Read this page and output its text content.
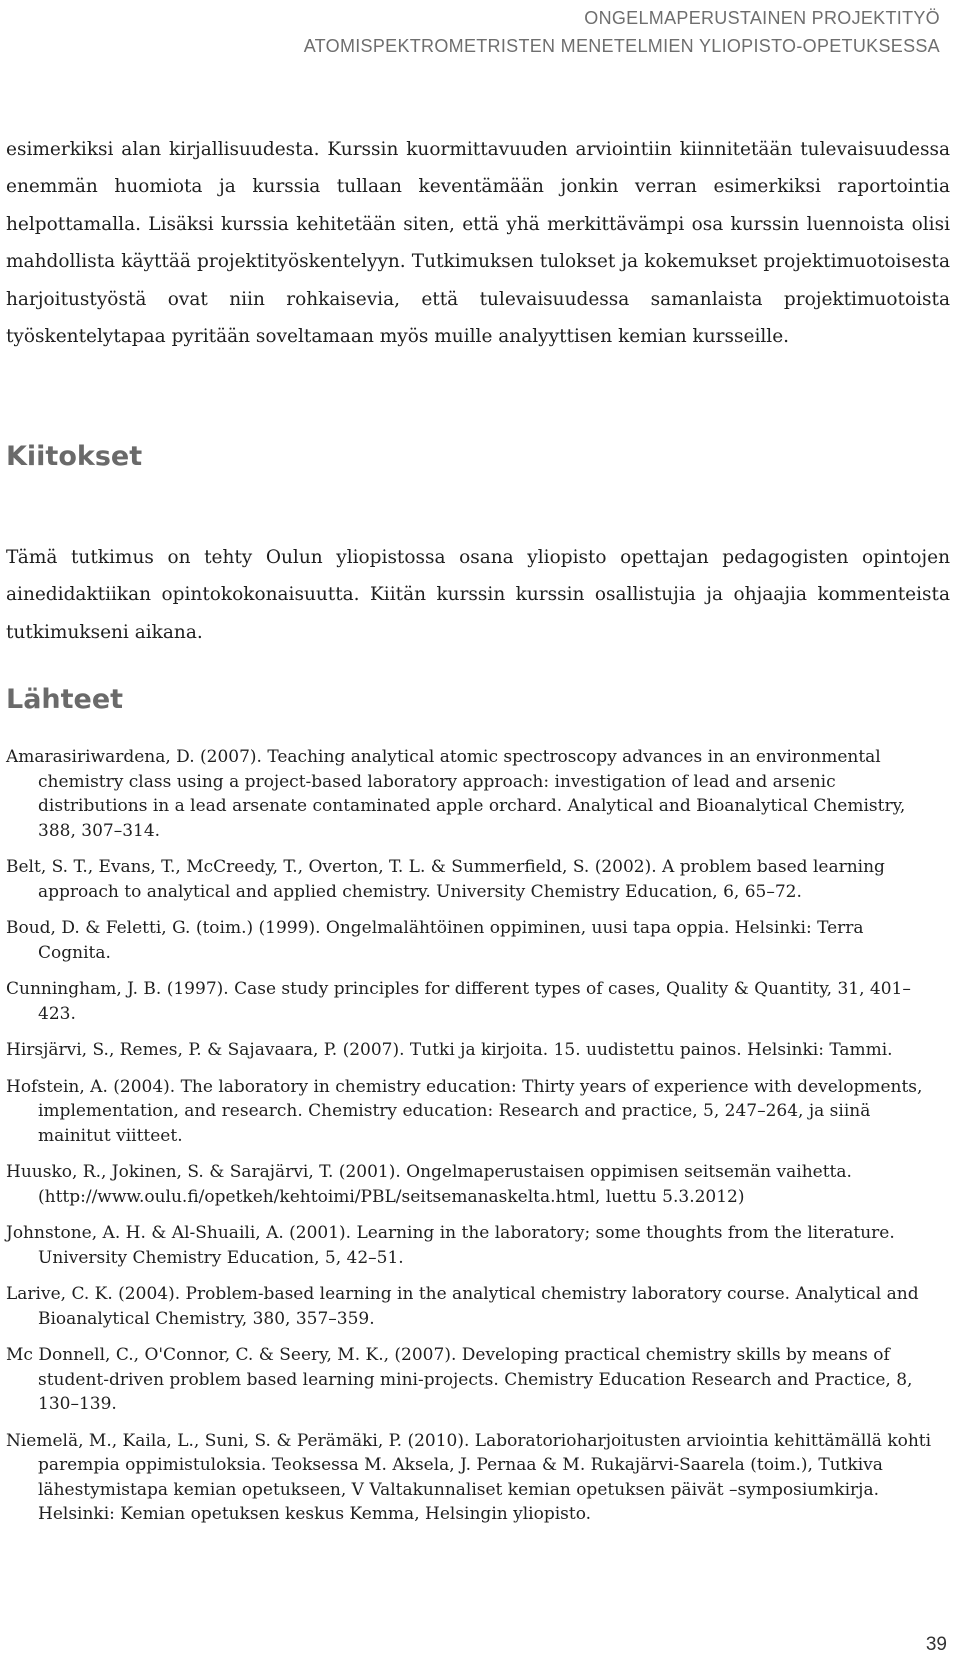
ONGELMAPERUSTAINEN PROJEKTITYÖ
ATOMISPEKTROMETRISTEN MENETELMIEN YLIOPISTO-OPETUKSESSA

esimerkiksi alan kirjallisuudesta. Kurssin kuormittavuuden arviointiin kiinnitetään tulevaisuudessa enemmän huomiota ja kurssia tullaan keventämään jonkin verran esimerkiksi raportointia helpottamalla. Lisäksi kurssia kehitetään siten, että yhä merkittävämpi osa kurssin luennoista olisi mahdollista käyttää projektityöskentelyyn. Tutkimuksen tulokset ja kokemukset projektimuotoisesta harjoitustyöstä ovat niin rohkaisevia, että tulevaisuudessa samanlaista projektimuotoista työskentelytapaa pyritään soveltamaan myös muille analyyttisen kemian kursseille.

Kiitokset

Tämä tutkimus on tehty Oulun yliopistossa osana yliopisto opettajan pedagogisten opintojen ainedidaktiikan opintokokonaisuutta. Kiitän kurssin kurssin osallistujia ja ohjaajia kommenteista tutkimukseni aikana.

Lähteet

Amarasiriwardena, D. (2007). Teaching analytical atomic spectroscopy advances in an environmental chemistry class using a project-based laboratory approach: investigation of lead and arsenic distributions in a lead arsenate contaminated apple orchard. Analytical and Bioanalytical Chemistry, 388, 307–314.

Belt, S. T., Evans, T., McCreedy, T., Overton, T. L. & Summerfield, S. (2002). A problem based learning approach to analytical and applied chemistry. University Chemistry Education, 6, 65–72.

Boud, D. & Feletti, G. (toim.) (1999). Ongelmalähtöinen oppiminen, uusi tapa oppia. Helsinki: Terra Cognita.

Cunningham, J. B. (1997). Case study principles for different types of cases, Quality & Quantity, 31, 401–423.

Hirsjärvi, S., Remes, P. & Sajavaara, P. (2007). Tutki ja kirjoita. 15. uudistettu painos. Helsinki: Tammi.

Hofstein, A. (2004). The laboratory in chemistry education: Thirty years of experience with developments, implementation, and research. Chemistry education: Research and practice, 5, 247–264, ja siinä mainitut viitteet.

Huusko, R., Jokinen, S. & Sarajärvi, T. (2001). Ongelmaperustaisen oppimisen seitsemän vaihetta. (http://www.oulu.fi/opetkeh/kehtoimi/PBL/seitsemanaskelta.html, luettu 5.3.2012)

Johnstone, A. H. & Al-Shuaili, A. (2001). Learning in the laboratory; some thoughts from the literature. University Chemistry Education, 5, 42–51.

Larive, C. K. (2004). Problem-based learning in the analytical chemistry laboratory course. Analytical and Bioanalytical Chemistry, 380, 357–359.

Mc Donnell, C., O'Connor, C. & Seery, M. K., (2007). Developing practical chemistry skills by means of student-driven problem based learning mini-projects. Chemistry Education Research and Practice, 8, 130–139.

Niemelä, M., Kaila, L., Suni, S. & Perämäki, P. (2010). Laboratorioharjoitusten arviointia kehittämällä kohti parempia oppimistuloksia. Teoksessa M. Aksela, J. Pernaa & M. Rukajärvi-Saarela (toim.), Tutkiva lähestymistapa kemian opetukseen, V Valtakunnaliset kemian opetuksen päivät –symposiumkirja. Helsinki: Kemian opetuksen keskus Kemma, Helsingin yliopisto.

39
